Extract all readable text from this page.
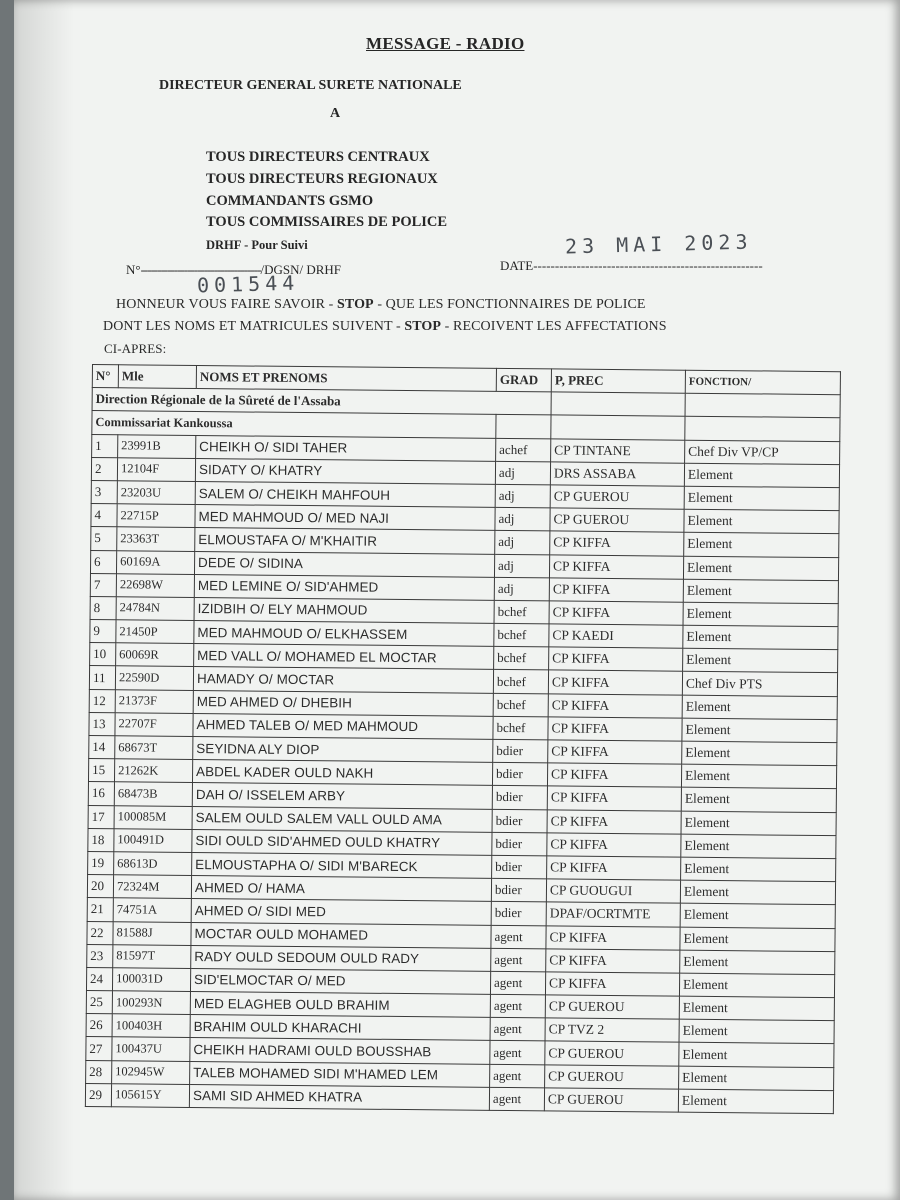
MESSAGE - RADIO
DIRECTEUR GENERAL SURETE NATIONALE
A
TOUS DIRECTEURS CENTRAUX
TOUS DIRECTEURS REGIONAUX
COMMANDANTS GSMO
TOUS COMMISSAIRES DE POLICE
DRHF - Pour Suivi
N°------------------------------------/DGSN/ DRHF
001544
DATE-----------------------------------------------------
23 MAI 2023
HONNEUR VOUS FAIRE SAVOIR - STOP - QUE LES FONCTIONNAIRES DE POLICE
DONT LES NOMS ET MATRICULES SUIVENT - STOP - RECOIVENT LES AFFECTATIONS
CI-APRES:
N°	Mle	NOMS ET PRENOMS	GRAD	P, PREC	FONCTION/
Direction Régionale de la Sûreté de l'Assaba					
Commissariat Kankoussa					
1	23991B	CHEIKH O/ SIDI TAHER	achef	CP TINTANE	Chef Div VP/CP
2	12104F	SIDATY O/ KHATRY	adj	DRS ASSABA	Element
3	23203U	SALEM O/ CHEIKH MAHFOUH	adj	CP GUEROU	Element
4	22715P	MED MAHMOUD O/ MED NAJI	adj	CP GUEROU	Element
5	23363T	ELMOUSTAFA O/ M'KHAITIR	adj	CP KIFFA	Element
6	60169A	DEDE O/ SIDINA	adj	CP KIFFA	Element
7	22698W	MED LEMINE O/ SID'AHMED	adj	CP KIFFA	Element
8	24784N	IZIDBIH O/ ELY MAHMOUD	bchef	CP KIFFA	Element
9	21450P	MED MAHMOUD O/ ELKHASSEM	bchef	CP KAEDI	Element
10	60069R	MED VALL O/ MOHAMED EL MOCTAR	bchef	CP KIFFA	Element
11	22590D	HAMADY O/ MOCTAR	bchef	CP KIFFA	Chef Div PTS
12	21373F	MED AHMED O/ DHEBIH	bchef	CP KIFFA	Element
13	22707F	AHMED TALEB O/ MED MAHMOUD	bchef	CP KIFFA	Element
14	68673T	SEYIDNA ALY DIOP	bdier	CP KIFFA	Element
15	21262K	ABDEL KADER OULD NAKH	bdier	CP KIFFA	Element
16	68473B	DAH O/ ISSELEM ARBY	bdier	CP KIFFA	Element
17	100085M	SALEM OULD SALEM VALL OULD AMA	bdier	CP KIFFA	Element
18	100491D	SIDI OULD SID'AHMED OULD KHATRY	bdier	CP KIFFA	Element
19	68613D	ELMOUSTAPHA O/ SIDI M'BARECK	bdier	CP KIFFA	Element
20	72324M	AHMED O/ HAMA	bdier	CP GUOUGUI	Element
21	74751A	AHMED O/ SIDI MED	bdier	DPAF/OCRTMTE	Element
22	81588J	MOCTAR OULD MOHAMED	agent	CP KIFFA	Element
23	81597T	RADY OULD SEDOUM OULD RADY	agent	CP KIFFA	Element
24	100031D	SID'ELMOCTAR O/ MED	agent	CP KIFFA	Element
25	100293N	MED ELAGHEB OULD BRAHIM	agent	CP GUEROU	Element
26	100403H	BRAHIM OULD KHARACHI	agent	CP TVZ 2	Element
27	100437U	CHEIKH HADRAMI OULD BOUSSHAB	agent	CP GUEROU	Element
28	102945W	TALEB MOHAMED SIDI M'HAMED LEM	agent	CP GUEROU	Element
29	105615Y	SAMI SID AHMED KHATRA	agent	CP GUEROU	Element
